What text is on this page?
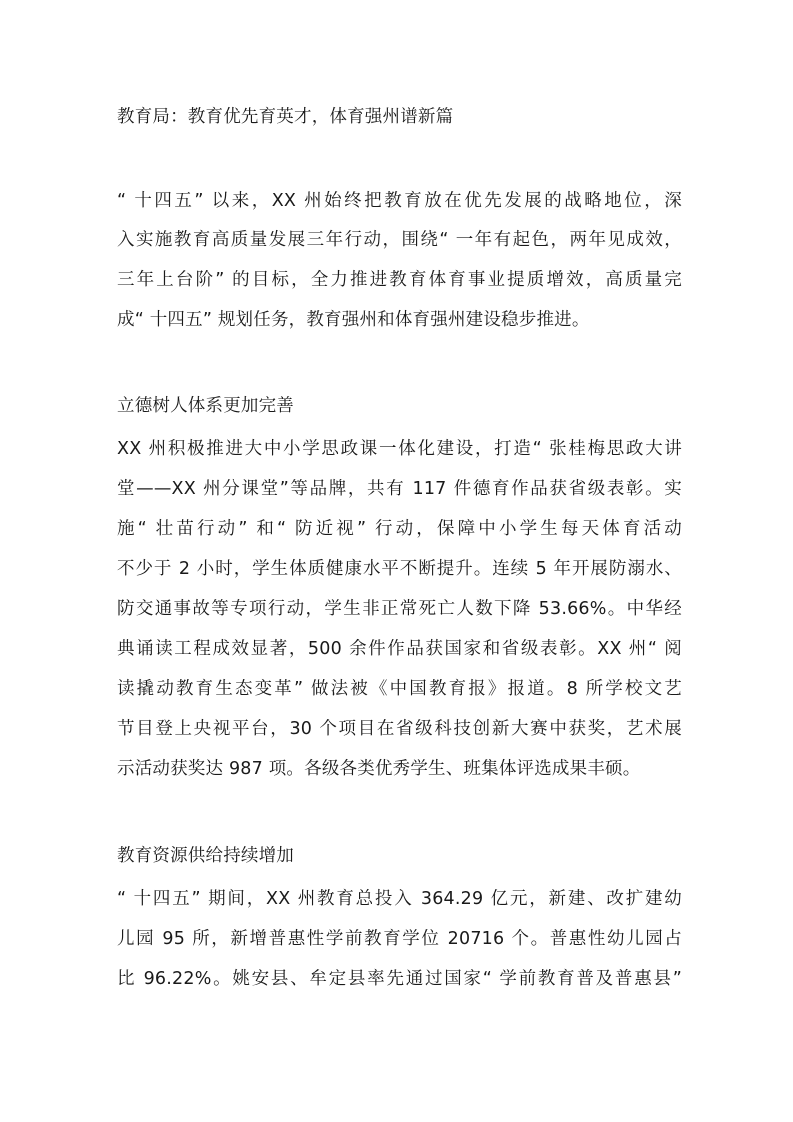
教育局：教育优先育英才，体育强州谱新篇
“ 十四五” 以来，XX 州始终把教育放在优先发展的战略地位，深
入实施教育高质量发展三年行动，围绕“ 一年有起色，两年见成效，
三年上台阶” 的目标，全力推进教育体育事业提质增效，高质量完
成“ 十四五” 规划任务，教育强州和体育强州建设稳步推进。
立德树人体系更加完善
XX 州积极推进大中小学思政课一体化建设，打造“ 张桂梅思政大讲
堂——XX 州分课堂”等品牌，共有 117 件德育作品获省级表彰。实
施“ 壮苗行动” 和“ 防近视” 行动，保障中小学生每天体育活动
不少于 2 小时，学生体质健康水平不断提升。连续 5 年开展防溺水、
防交通事故等专项行动，学生非正常死亡人数下降 53.66%。中华经
典诵读工程成效显著，500 余件作品获国家和省级表彰。XX 州“ 阅
读撬动教育生态变革” 做法被《中国教育报》报道。8 所学校文艺
节目登上央视平台，30 个项目在省级科技创新大赛中获奖，艺术展
示活动获奖达 987 项。各级各类优秀学生、班集体评选成果丰硕。
教育资源供给持续增加
“ 十四五” 期间，XX 州教育总投入 364.29 亿元，新建、改扩建幼
儿园 95 所，新增普惠性学前教育学位 20716 个。普惠性幼儿园占
比 96.22%。姚安县、牟定县率先通过国家“ 学前教育普及普惠县”
